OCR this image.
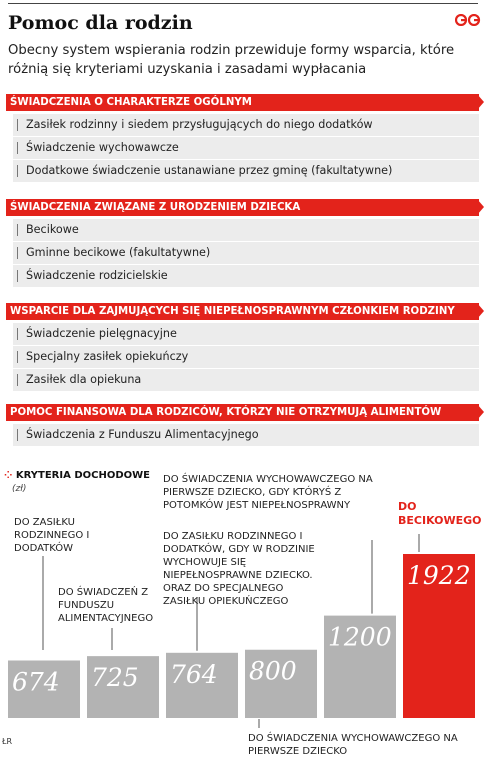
Pomoc dla rodzin
Obecny system wspierania rodzin przewiduje formy wsparcia, które różnią się kryteriami uzyskania i zasadami wypłacania
ŚWIADCZENIA O CHARAKTERZE OGÓLNYM
Zasiłek rodzinny i siedem przysługujących do niego dodatków
Świadczenie wychowawcze
Dodatkowe świadczenie ustanawiane przez gminę (fakultatywne)
ŚWIADCZENIA ZWIĄZANE Z URODZENIEM DZIECKA
Becikowe
Gminne becikowe (fakultatywne)
Świadczenie rodzicielskie
WSPARCIE DLA ZAJMUJĄCYCH SIĘ NIEPEŁNOSPRAWNYM CZŁONKIEM RODZINY
Świadczenie pielęgnacyjne
Specjalny zasiłek opiekuńczy
Zasiłek dla opiekuna
POMOC FINANSOWA DLA RODZICÓW, KTÓRZY NIE OTRZYMUJĄ ALIMENTÓW
Świadczenia z Funduszu Alimentacyjnego
⁘ KRYTERIA DOCHODOWE
(zł)
674 725 764 800
1200
1922
DO ZASIŁKU RODZINNEGO I DODATKÓW
DO ŚWIADCZEŃ Z FUNDUSZU ALIMENTACYJNEGO
DO ZASIŁKU RODZINNEGO I DODATKÓW, GDY W RODZINIE WYCHOWUJE SIĘ NIEPEŁNOSPRAWNE DZIECKO. ORAZ DO SPECJALNEGO ZASIŁKU OPIEKUŃCZEGO
DO ŚWIADCZENIA WYCHOWAWCZEGO NA PIERWSZE DZIECKO
DO ŚWIADCZENIA WYCHOWAWCZEGO NA PIERWSZE DZIECKO, GDY KTÓRYŚ Z POTOMKÓW JEST NIEPEŁNOSPRAWNY	DO BECIKOWEGO
ŁR
